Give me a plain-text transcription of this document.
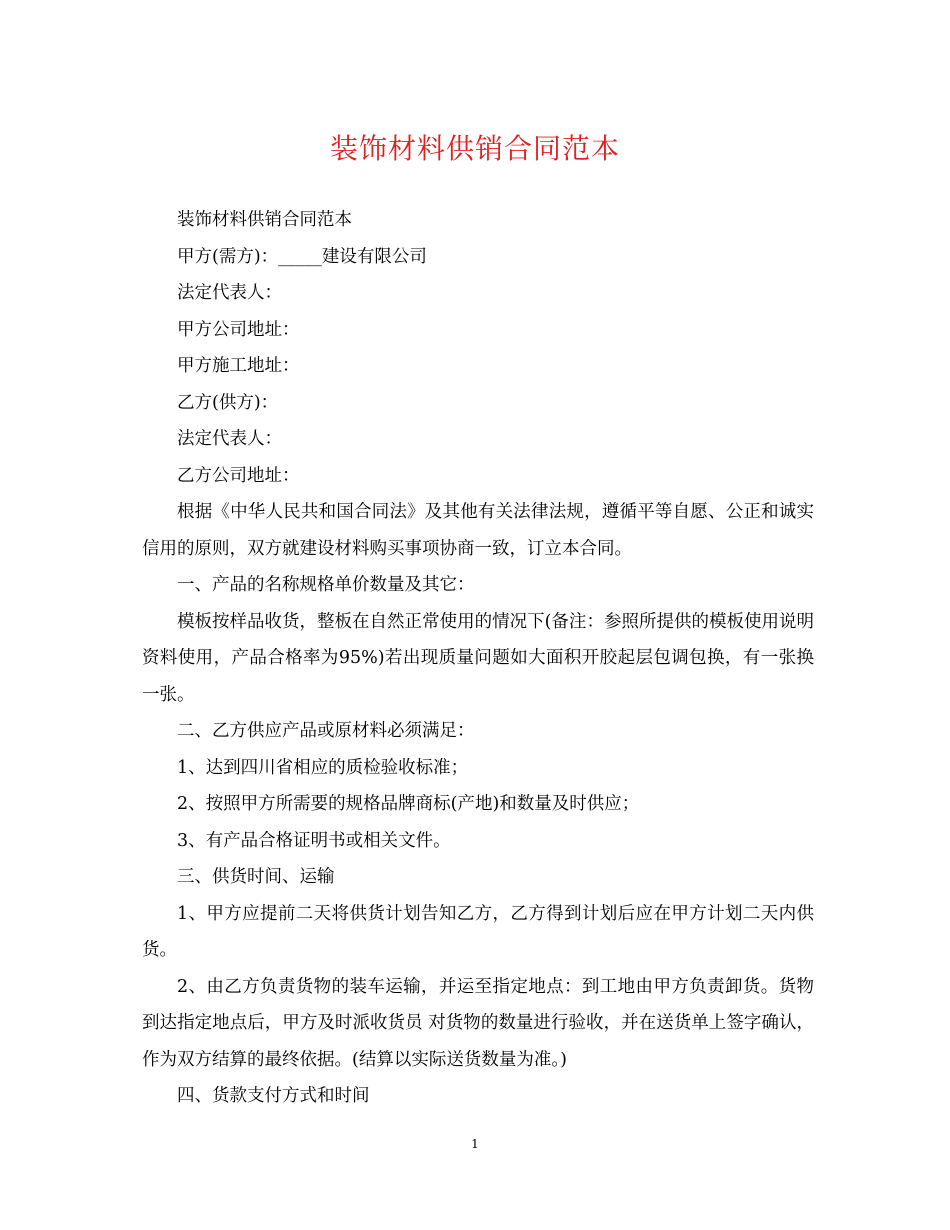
装饰材料供销合同范本

装饰材料供销合同范本

甲方(需方)：_____建设有限公司

法定代表人：

甲方公司地址：

甲方施工地址：

乙方(供方)：

法定代表人：

乙方公司地址：

根据《中华人民共和国合同法》及其他有关法律法规，遵循平等自愿、公正和诚实信用的原则，双方就建设材料购买事项协商一致，订立本合同。

一、产品的名称规格单价数量及其它：

模板按样品收货，整板在自然正常使用的情况下(备注：参照所提供的模板使用说明资料使用，产品合格率为95%)若出现质量问题如大面积开胶起层包调包换，有一张换一张。

二、乙方供应产品或原材料必须满足：

1、达到四川省相应的质检验收标准；

2、按照甲方所需要的规格品牌商标(产地)和数量及时供应；

3、有产品合格证明书或相关文件。

三、供货时间、运输

1、甲方应提前二天将供货计划告知乙方，乙方得到计划后应在甲方计划二天内供货。

2、由乙方负责货物的装车运输，并运至指定地点：到工地由甲方负责卸货。货物到达指定地点后，甲方及时派收货员 对货物的数量进行验收，并在送货单上签字确认，作为双方结算的最终依据。(结算以实际送货数量为准。)

四、货款支付方式和时间

1
